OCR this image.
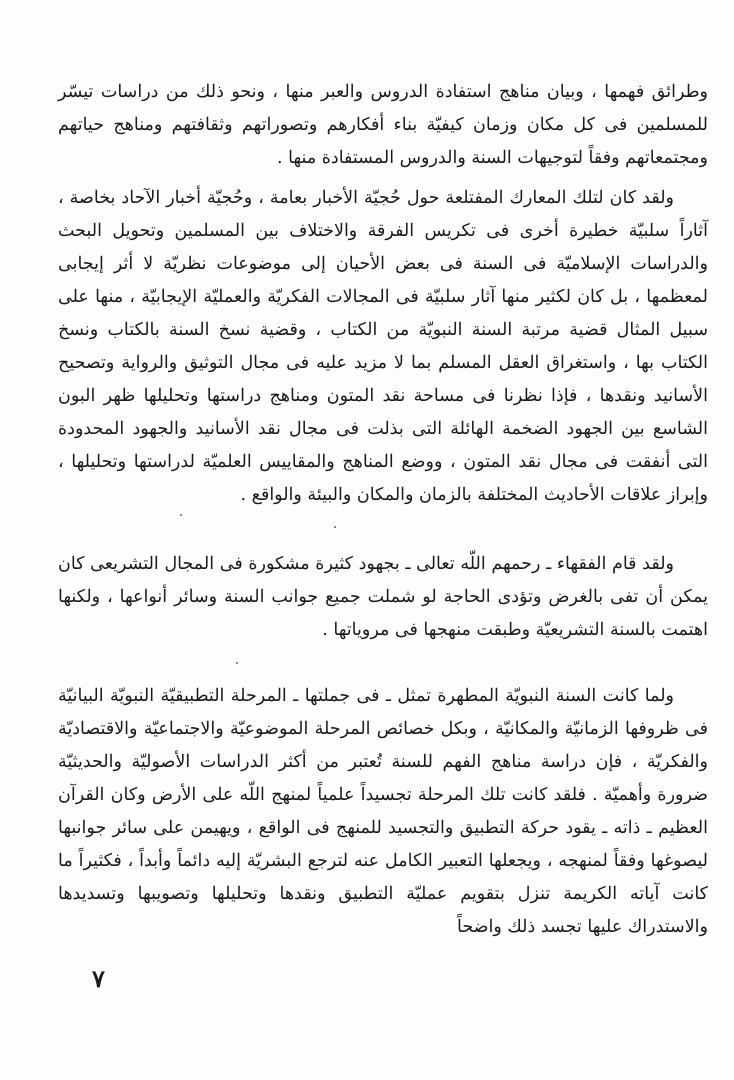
وطرائق فهمها ، وبيان مناهج استفادة الدروس والعبر منها ، ونحو ذلك من دراسات تيسّر للمسلمين فى كل مكان وزمان كيفيّة بناء أفكارهم وتصوراتهم وثقافتهم ومناهج حياتهم ومجتمعاتهم وفقاً لتوجيهات السنة والدروس المستفادة منها .

ولقد كان لتلك المعارك المفتلعة حول حُجيّة الأخبار بعامة ، وحُجيّة أخبار الآحاد بخاصة ، آثاراً سلبيّة خطيرة أخرى فى تكريس الفرقة والاختلاف بين المسلمين وتحويل البحث والدراسات الإسلاميّة فى السنة فى بعض الأحيان إلى موضوعات نظريّة لا أثر إيجابى لمعظمها ، بل كان لكثير منها آثار سلبيّة فى المجالات الفكريّة والعمليّة الإيجابيّة ، منها على سبيل المثال قضية مرتبة السنة النبويّة من الكتاب ، وقضية نسخ السنة بالكتاب ونسخ الكتاب بها ، واستغراق العقل المسلم بما لا مزيد عليه فى مجال التوثيق والرواية وتصحيح الأسانيد ونقدها ، فإذا نظرنا فى مساحة نقد المتون ومناهج دراستها وتحليلها ظهر البون الشاسع بين الجهود الضخمة الهائلة التى بذلت فى مجال نقد الأسانيد والجهود المحدودة التى أنفقت فى مجال نقد المتون ، ووضع المناهج والمقاييس العلميّة لدراستها وتحليلها ، وإبراز علاقات الأحاديث المختلفة بالزمان والمكان والبيئة والواقع .

ولقد قام الفقهاء ـ رحمهم اللّه تعالى ـ بجهود كثيرة مشكورة فى المجال التشريعى كان يمكن أن تفى بالغرض وتؤدى الحاجة لو شملت جميع جوانب السنة وسائر أنواعها ، ولكنها اهتمت بالسنة التشريعيّة وطبقت منهجها فى مروياتها .

ولما كانت السنة النبويّة المطهرة تمثل ـ فى جملتها ـ المرحلة التطبيقيّة النبويّة البيانيّة فى ظروفها الزمانيّة والمكانيّة ، وبكل خصائص المرحلة الموضوعيّة والاجتماعيّة والاقتصاديّة والفكريّة ، فإن دراسة مناهج الفهم للسنة تُعتبر من أكثر الدراسات الأصوليّة والحديثيّة ضرورة وأهميّة . فلقد كانت تلك المرحلة تجسيداً علمياً لمنهج اللّه على الأرض وكان القرآن العظيم ـ ذاته ـ يقود حركة التطبيق والتجسيد للمنهج فى الواقع ، ويهيمن على سائر جوانبها ليصوغها وفقاً لمنهجه ، ويجعلها التعبير الكامل عنه لترجع البشريّة إليه دائماً وأبداً ، فكثيراً ما كانت آياته الكريمة تنزل بتقويم عمليّة التطبيق ونقدها وتحليلها وتصويبها وتسديدها والاستدراك عليها تجسد ذلك واضحاً

٧
